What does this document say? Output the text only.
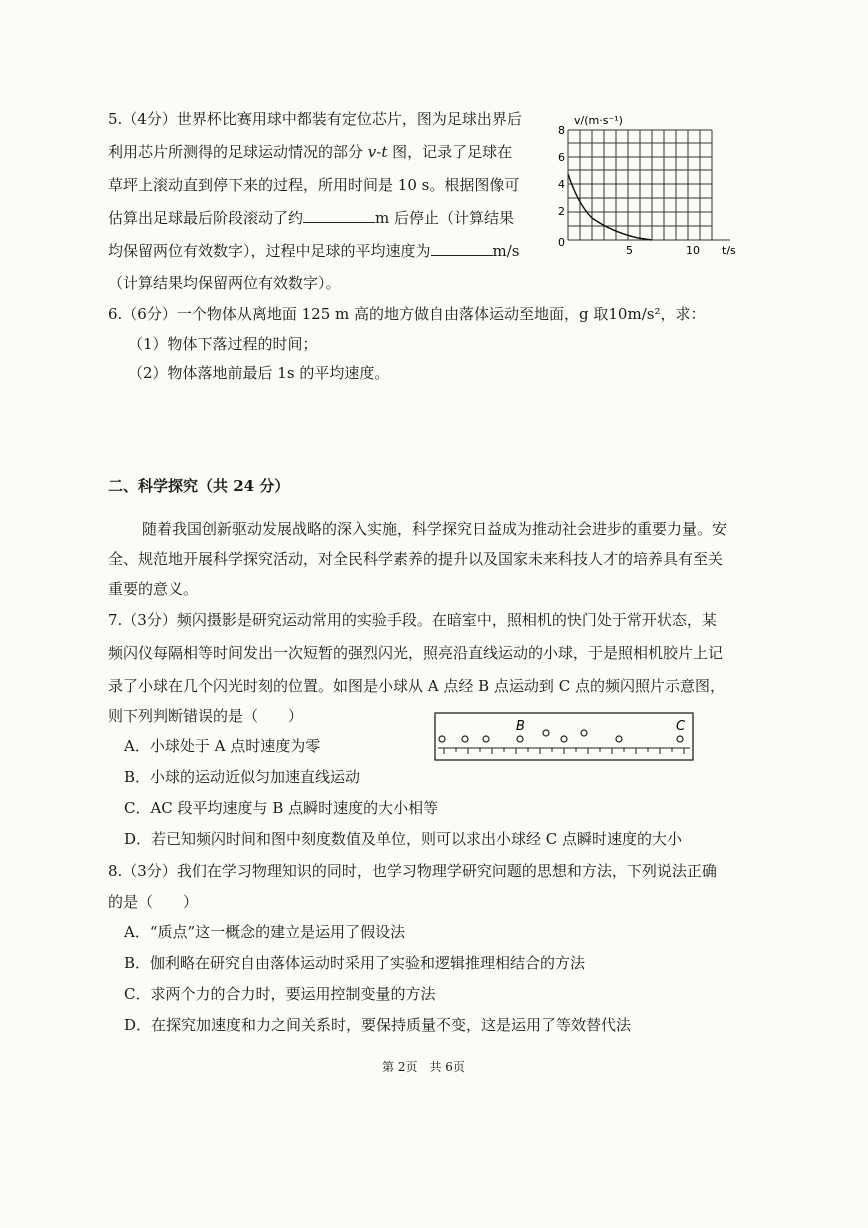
5.（4分）世界杯比赛用球中都装有定位芯片，图为足球出界后
利用芯片所测得的足球运动情况的部分 v-t 图，记录了足球在
草坪上滚动直到停下来的过程，所用时间是 10 s。根据图像可
估算出足球最后阶段滚动了约	m 后停止（计算结果
均保留两位有效数字），过程中足球的平均速度为	m/s
（计算结果均保留两位有效数字）。
v/(m·s⁻¹)
t/s
8
6
4
2
0
5	10
6.（6分）一个物体从离地面 125 m 高的地方做自由落体运动至地面，g 取10m/s²，求：
（1）物体下落过程的时间；
（2）物体落地前最后 1s 的平均速度。
二、科学探究（共 24 分）
随着我国创新驱动发展战略的深入实施，科学探究日益成为推动社会进步的重要力量。安
全、规范地开展科学探究活动，对全民科学素养的提升以及国家未来科技人才的培养具有至关
重要的意义。
7.（3分）频闪摄影是研究运动常用的实验手段。在暗室中，照相机的快门处于常开状态，某
频闪仪每隔相等时间发出一次短暂的强烈闪光，照亮沿直线运动的小球，于是照相机胶片上记
录了小球在几个闪光时刻的位置。如图是小球从 A 点经 B 点运动到 C 点的频闪照片示意图，
则下列判断错误的是（　　）
A．小球处于 A 点时速度为零
B．小球的运动近似匀加速直线运动
C．AC 段平均速度与 B 点瞬时速度的大小相等
D．若已知频闪时间和图中刻度数值及单位，则可以求出小球经 C 点瞬时速度的大小
B	C
8.（3分）我们在学习物理知识的同时，也学习物理学研究问题的思想和方法，下列说法正确
的是（　　）
A．“质点”这一概念的建立是运用了假设法
B．伽利略在研究自由落体运动时采用了实验和逻辑推理相结合的方法
C．求两个力的合力时，要运用控制变量的方法
D．在探究加速度和力之间关系时，要保持质量不变，这是运用了等效替代法
第 2页　共 6页
